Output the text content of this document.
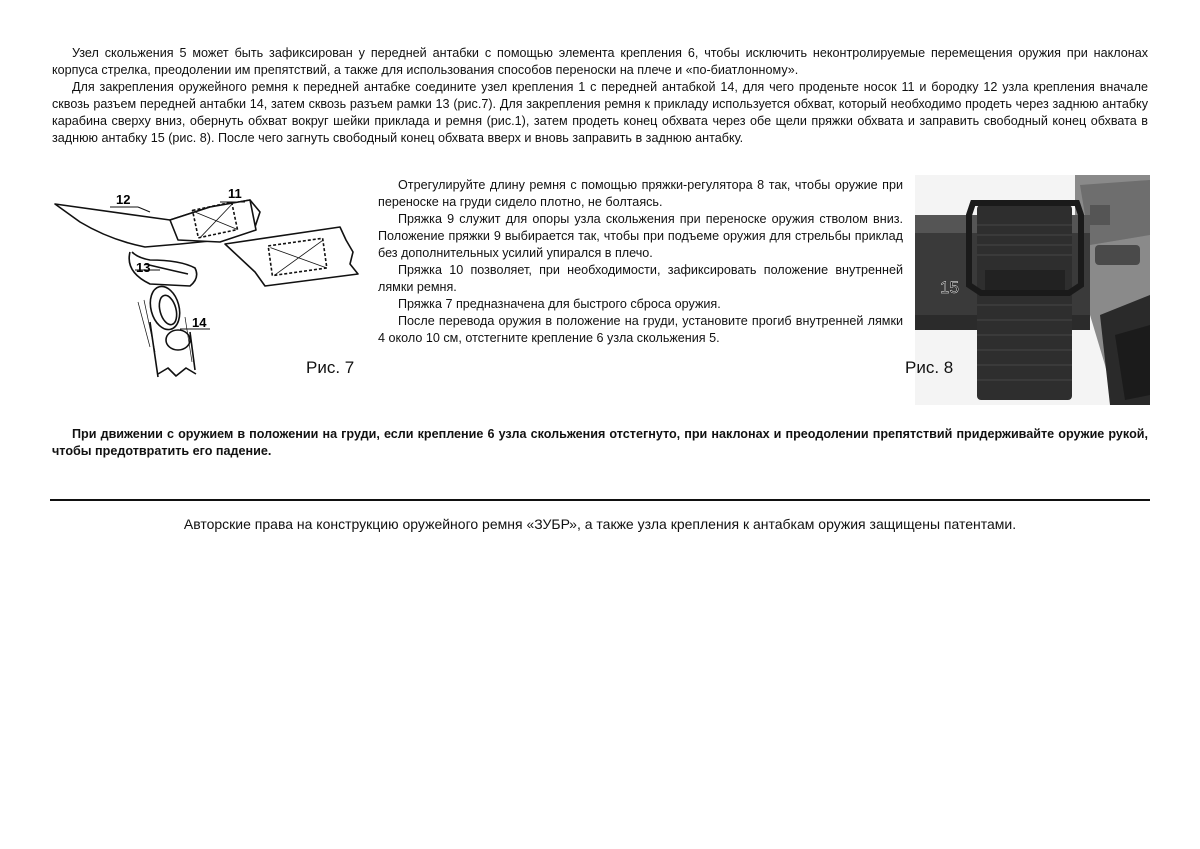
Узел скольжения 5 может быть зафиксирован у передней антабки с помощью элемента крепления 6, чтобы исключить неконтролируемые перемещения оружия при наклонах корпуса стрелка, преодолении им препятствий, а также для использования способов переноски на плече и «по-биатлонному».

Для закрепления оружейного ремня к передней антабке соедините узел крепления 1 с передней антабкой 14, для чего проденьте носок 11 и бородку 12 узла крепления вначале сквозь разъем передней антабки 14, затем сквозь разъем рамки 13 (рис.7). Для закрепления ремня к прикладу используется обхват, который необходимо продеть через заднюю антабку карабина сверху вниз, обернуть обхват вокруг шейки приклада и ремня (рис.1), затем продеть конец обхвата через обе щели пряжки обхвата и заправить свободный конец обхвата в заднюю антабку 15 (рис. 8). После чего загнуть свободный конец обхвата вверх и вновь заправить в заднюю антабку.

12	11
13
14
Рис. 7

Отрегулируйте длину ремня с помощью пряжки-регулятора 8 так, чтобы оружие при переноске на груди сидело плотно, не болтаясь.

Пряжка 9 служит для опоры узла скольжения при переноске оружия стволом вниз. Положение пряжки 9 выбирается так, чтобы при подъеме оружия для стрельбы приклад без дополнительных усилий упирался в плечо.

Пряжка 10 позволяет, при необходимости, зафиксировать положение внутренней лямки ремня.

Пряжка 7 предназначена для быстрого сброса оружия.

После перевода оружия в положение на груди, установите прогиб внутренней лямки 4 около 10 см, отстегните крепление 6 узла скольжения 5.

15
Рис. 8

При движении с оружием в положении на груди, если крепление 6 узла скольжения отстегнуто, при наклонах и преодолении препятствий придерживайте оружие рукой, чтобы предотвратить его падение.

Авторские права на конструкцию оружейного ремня «ЗУБР», а также узла крепления к антабкам оружия защищены патентами.
